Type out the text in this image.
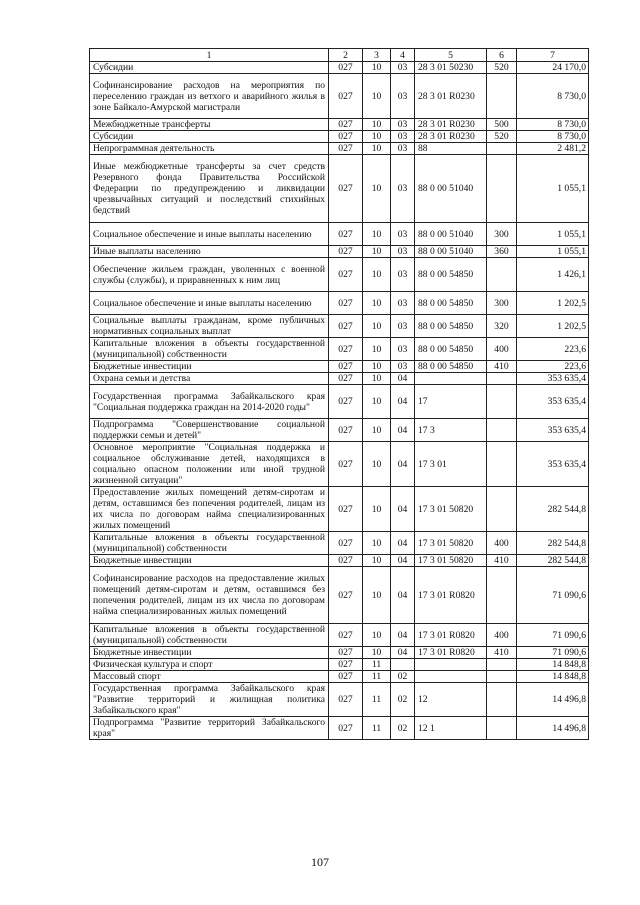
1	2	3	4	5	6	7
Субсидии	027	10	03	28 3 01 50230	520	24 170,0
Софинансирование расходов на мероприятия по переселению граждан из ветхого и аварийного жилья в зоне Байкало-Амурской магистрали	027	10	03	28 3 01 R0230		8 730,0
Межбюджетные трансферты	027	10	03	28 3 01 R0230	500	8 730,0
Субсидии	027	10	03	28 3 01 R0230	520	8 730,0
Непрограммная деятельность	027	10	03	88		2 481,2
Иные межбюджетные трансферты за счет средств Резервного фонда Правительства Российской Федерации по предупреждению и ликвидации чрезвычайных ситуаций и последствий стихийных бедствий	027	10	03	88 0 00 51040		1 055,1
Социальное обеспечение и иные выплаты населению	027	10	03	88 0 00 51040	300	1 055,1
Иные выплаты населению	027	10	03	88 0 00 51040	360	1 055,1
Обеспечение жильем граждан, уволенных с военной службы (службы), и приравненных к ним лиц	027	10	03	88 0 00 54850		1 426,1
Социальное обеспечение и иные выплаты населению	027	10	03	88 0 00 54850	300	1 202,5
Социальные выплаты гражданам, кроме публичных нормативных социальных выплат	027	10	03	88 0 00 54850	320	1 202,5
Капитальные вложения в объекты государственной (муниципальной) собственности	027	10	03	88 0 00 54850	400	223,6
Бюджетные инвестиции	027	10	03	88 0 00 54850	410	223,6
Охрана семьи и детства	027	10	04			353 635,4
Государственная программа Забайкальского края "Социальная поддержка граждан на 2014-2020 годы"	027	10	04	17		353 635,4
Подпрограмма "Совершенствование социальной поддержки семьи и детей"	027	10	04	17 3		353 635,4
Основное мероприятие "Социальная поддержка и социальное обслуживание детей, находящихся в социально опасном положении или иной трудной жизненной ситуации"	027	10	04	17 3 01		353 635,4
Предоставление жилых помещений детям-сиротам и детям, оставшимся без попечения родителей, лицам из их числа по договорам найма специализированных жилых помещений	027	10	04	17 3 01 50820		282 544,8
Капитальные вложения в объекты государственной (муниципальной) собственности	027	10	04	17 3 01 50820	400	282 544,8
Бюджетные инвестиции	027	10	04	17 3 01 50820	410	282 544,8
Софинансирование расходов на предоставление жилых помещений детям-сиротам и детям, оставшимся без попечения родителей, лицам из их числа по договорам найма специализированных жилых помещений	027	10	04	17 3 01 R0820		71 090,6
Капитальные вложения в объекты государственной (муниципальной) собственности	027	10	04	17 3 01 R0820	400	71 090,6
Бюджетные инвестиции	027	10	04	17 3 01 R0820	410	71 090,6
Физическая культура и спорт	027	11				14 848,8
Массовый спорт	027	11	02			14 848,8
Государственная программа Забайкальского края "Развитие территорий и жилищная политика Забайкальского края"	027	11	02	12		14 496,8
Подпрограмма "Развитие территорий Забайкальского края"	027	11	02	12 1		14 496,8
107
